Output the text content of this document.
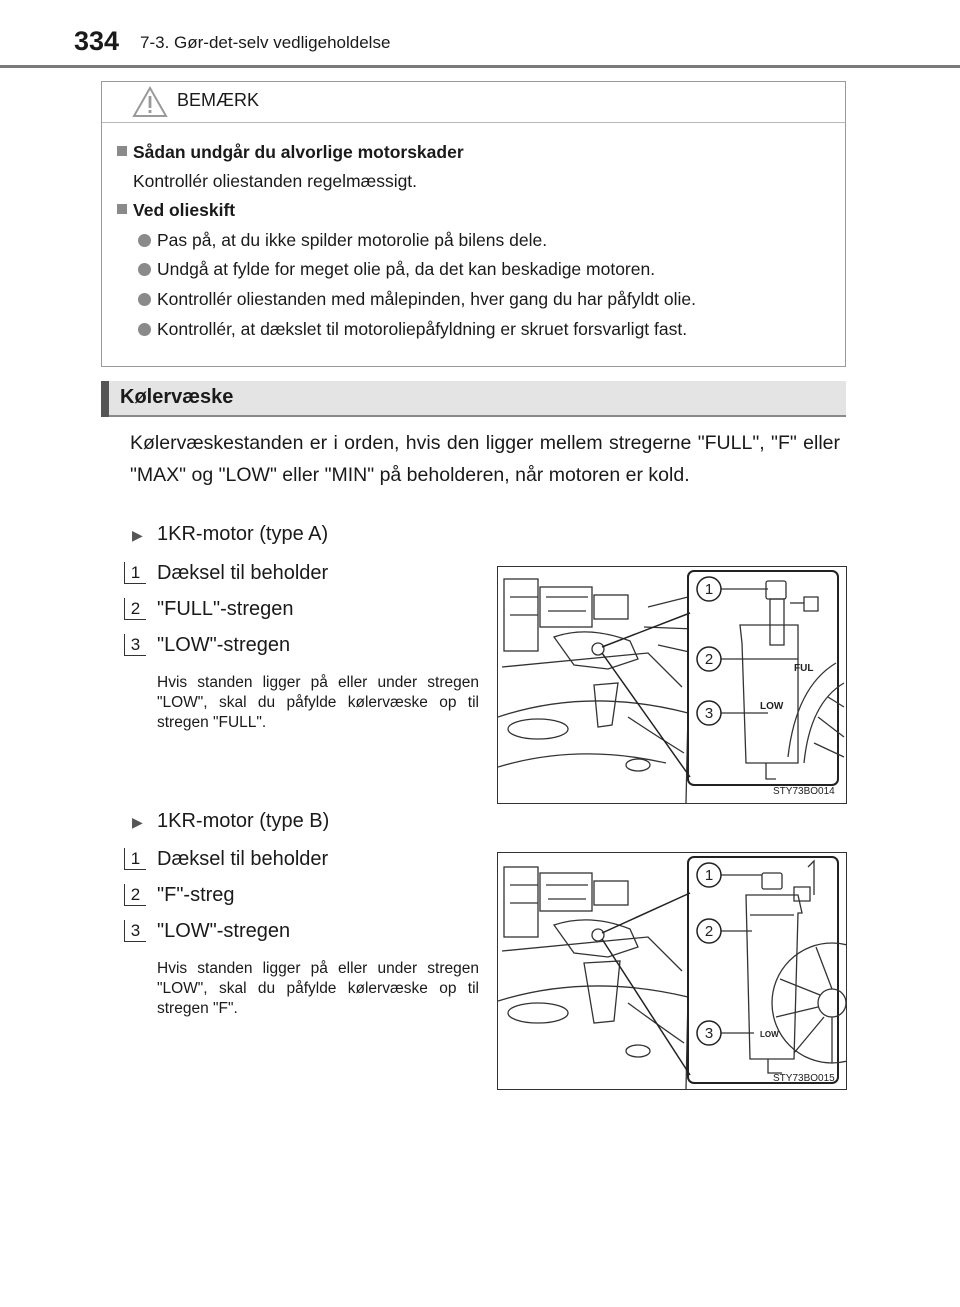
334 7-3. Gør-det-selv vedligeholdelse
BEMÆRK
Sådan undgår du alvorlige motorskader
Kontrollér oliestanden regelmæssigt.
Ved olieskift
Pas på, at du ikke spilder motorolie på bilens dele.
Undgå at fylde for meget olie på, da det kan beskadige motoren.
Kontrollér oliestanden med målepinden, hver gang du har påfyldt olie.
Kontrollér, at dækslet til motoroliepåfyldning er skruet forsvarligt fast.
Kølervæske
Kølervæskestanden er i orden, hvis den ligger mellem stregerne "FULL", "F" eller "MAX" og "LOW" eller "MIN" på beholderen, når motoren er kold.
▶ 1KR-motor (type A)
1 Dæksel til beholder
2 "FULL"-stregen
3 "LOW"-stregen
Hvis standen ligger på eller under stregen "LOW", skal du påfylde kølervæske op til stregen "FULL".
FUL
LOW
1
2
3
STY73BO014
▶ 1KR-motor (type B)
1 Dæksel til beholder
2 "F"-streg
3 "LOW"-stregen
Hvis standen ligger på eller under stregen "LOW", skal du påfylde kølervæske op til stregen "F".
LOW
1
2
3
STY73BO015
